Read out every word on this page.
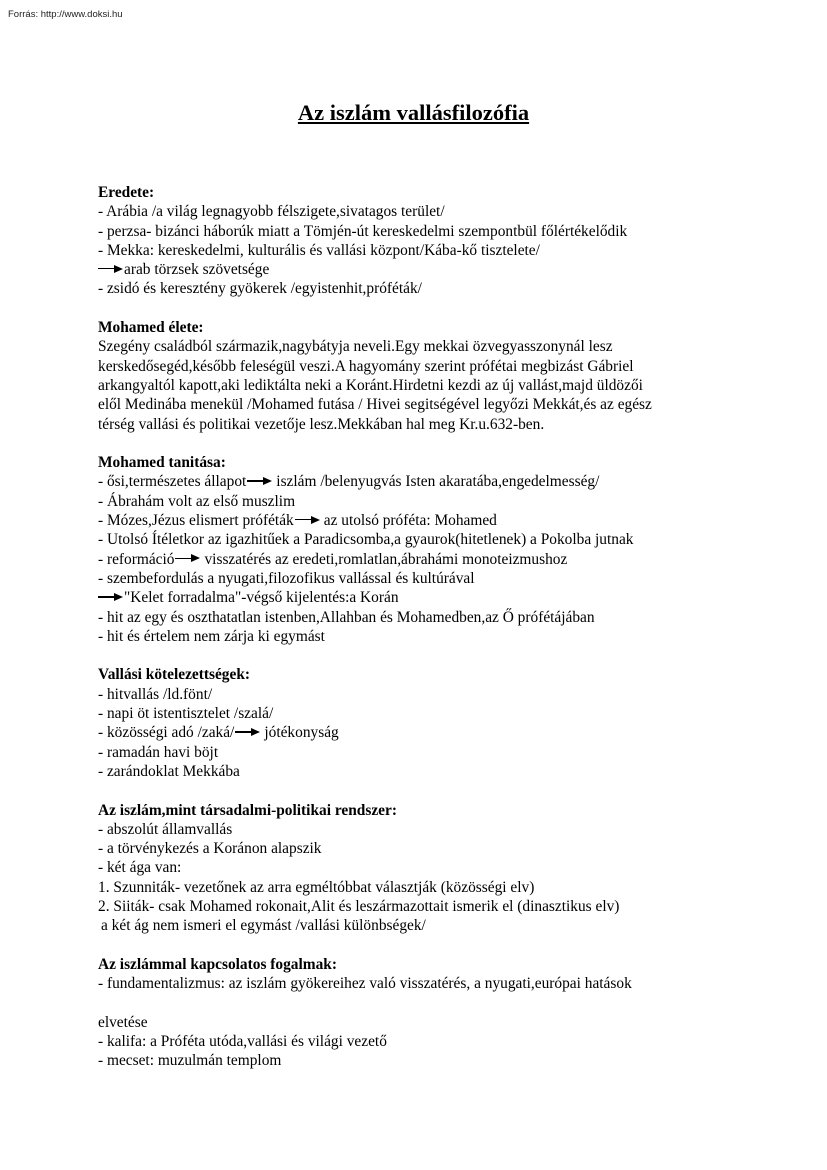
Forrás: http://www.doksi.hu
Az iszlám vallásfilozófia
Eredete:
- Arábia /a világ legnagyobb félszigete,sivatagos terület/
- perzsa- bizánci háborúk miatt a Tömjén-út kereskedelmi szempontbül főlértékelődik
- Mekka: kereskedelmi, kulturális és vallási központ/Kába-kő tisztelete/
arab törzsek szövetsége
- zsidó és keresztény gyökerek /egyistenhit,próféták/
Mohamed élete:
Szegény családból származik,nagybátyja neveli.Egy mekkai özvegyasszonynál lesz
kerskedősegéd,később feleségül veszi.A hagyomány szerint prófétai megbizást Gábriel
arkangyaltól kapott,aki lediktálta neki a Koránt.Hirdetni kezdi az új vallást,majd üldözői
elől Medinába menekül /Mohamed futása / Hivei segitségével legyőzi Mekkát,és az egész
térség vallási és politikai vezetője lesz.Mekkában hal meg Kr.u.632-ben.
Mohamed tanitása:
- ősi,természetes állapot iszlám /belenyugvás Isten akaratába,engedelmesség/
- Ábrahám volt az első muszlim
- Mózes,Jézus elismert próféták az utolsó próféta: Mohamed
- Utolsó Ítéletkor az igazhitűek a Paradicsomba,a gyaurok(hitetlenek) a Pokolba jutnak
- reformáció visszatérés az eredeti,romlatlan,ábrahámi monoteizmushoz
- szembefordulás a nyugati,filozofikus vallással és kultúrával
"Kelet forradalma"-végső kijelentés:a Korán
- hit az egy és oszthatatlan istenben,Allahban és Mohamedben,az Ő prófétájában
- hit és értelem nem zárja ki egymást
Vallási kötelezettségek:
- hitvallás /ld.fönt/
- napi öt istentisztelet /szalá/
- közösségi adó /zaká/ jótékonyság
- ramadán havi böjt
- zarándoklat Mekkába
Az iszlám,mint társadalmi-politikai rendszer:
- abszolút államvallás
- a törvénykezés a Koránon alapszik
- két ága van:
1. Szunniták- vezetőnek az arra egméltóbbat választják (közösségi elv)
2. Siiták- csak Mohamed rokonait,Alit és leszármazottait ismerik el (dinasztikus elv)
a két ág nem ismeri el egymást /vallási különbségek/
Az iszlámmal kapcsolatos fogalmak:
- fundamentalizmus: az iszlám gyökereihez való visszatérés, a nyugati,európai hatások

elvetése
- kalifa: a Próféta utóda,vallási és világi vezető
- mecset: muzulmán templom
